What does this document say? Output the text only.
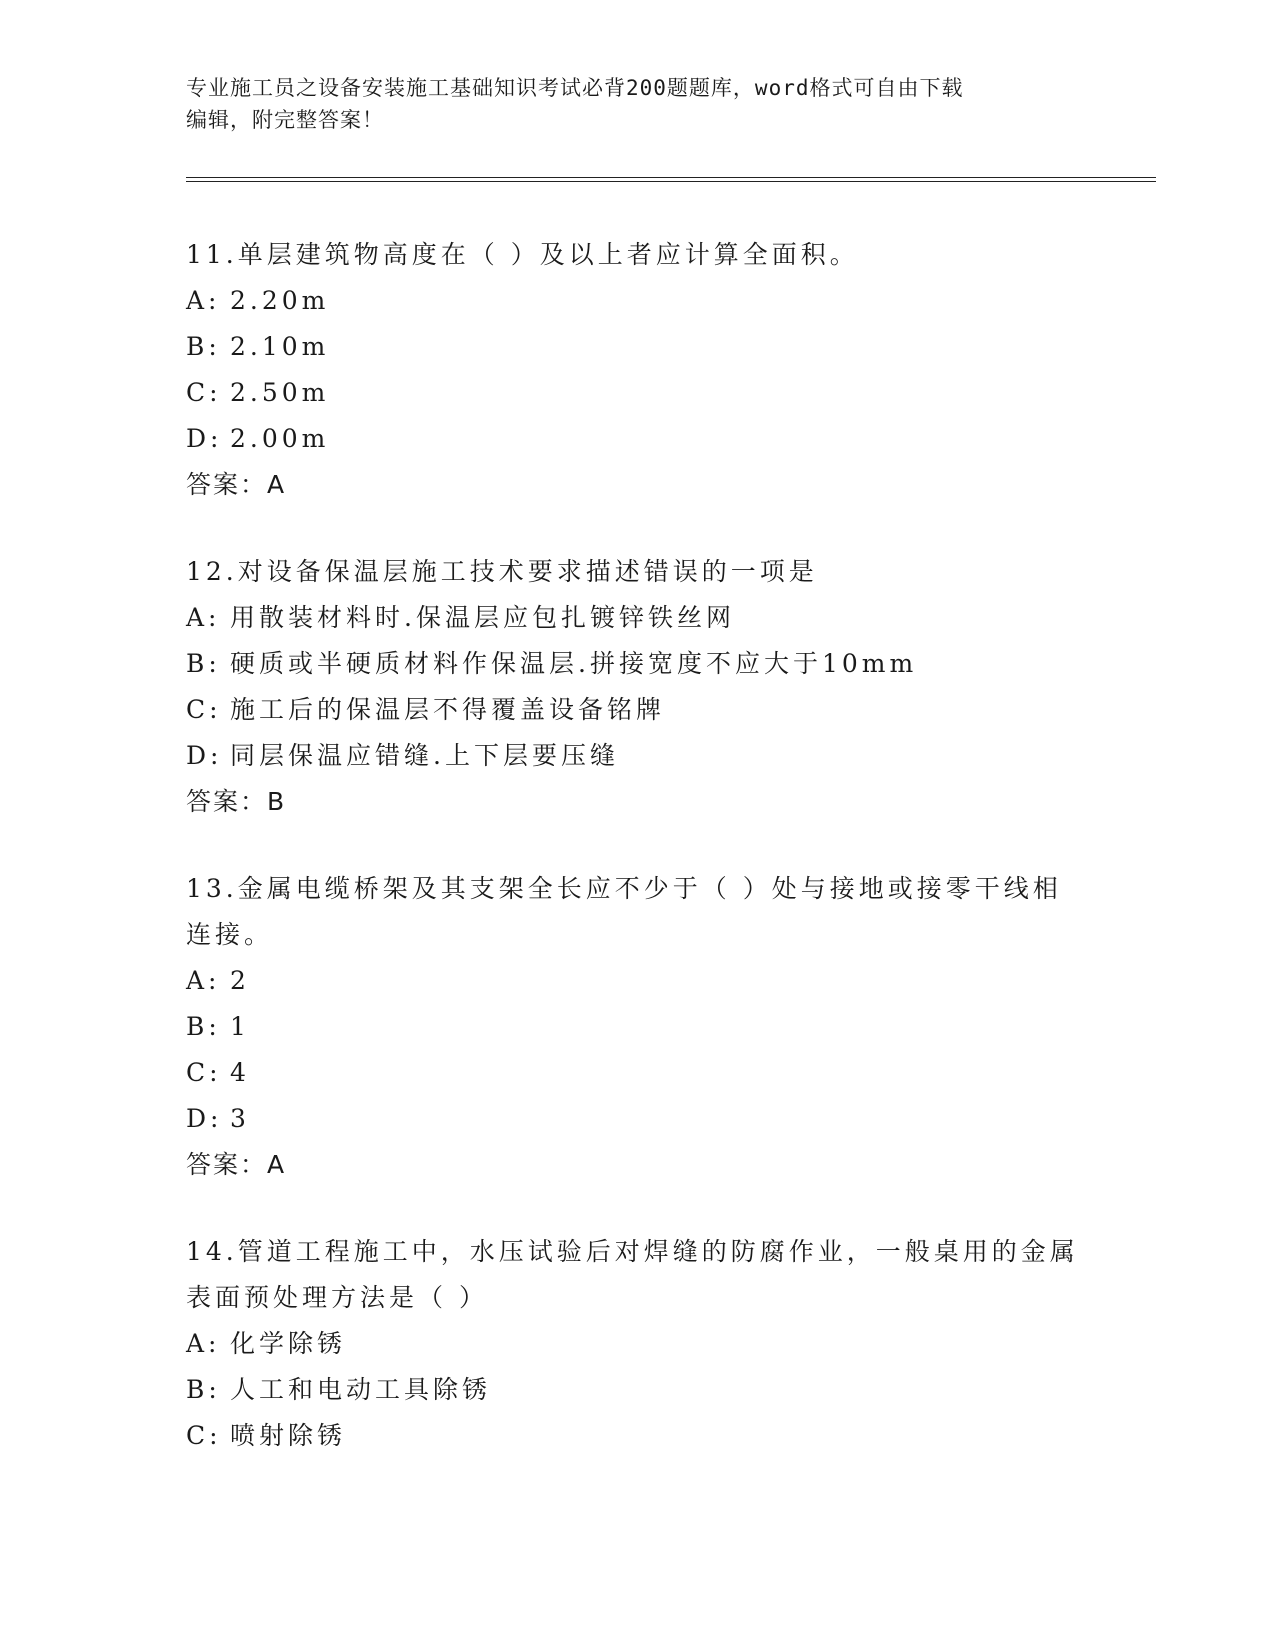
专业施工员之设备安装施工基础知识考试必背200题题库，word格式可自由下载
编辑，附完整答案！

11.单层建筑物高度在（ ）及以上者应计算全面积。

A: 2.20m

B: 2.10m

C: 2.50m

D: 2.00m

答案：A

12.对设备保温层施工技术要求描述错误的一项是

A: 用散装材料时.保温层应包扎镀锌铁丝网

B: 硬质或半硬质材料作保温层.拼接宽度不应大于10mm

C: 施工后的保温层不得覆盖设备铭牌

D: 同层保温应错缝.上下层要压缝

答案：B

13.金属电缆桥架及其支架全长应不少于（ ）处与接地或接零干线相

连接。

A: 2

B: 1

C: 4

D: 3

答案：A

14.管道工程施工中，水压试验后对焊缝的防腐作业，一般桌用的金属

表面预处理方法是（ ）

A: 化学除锈

B: 人工和电动工具除锈

C: 喷射除锈
